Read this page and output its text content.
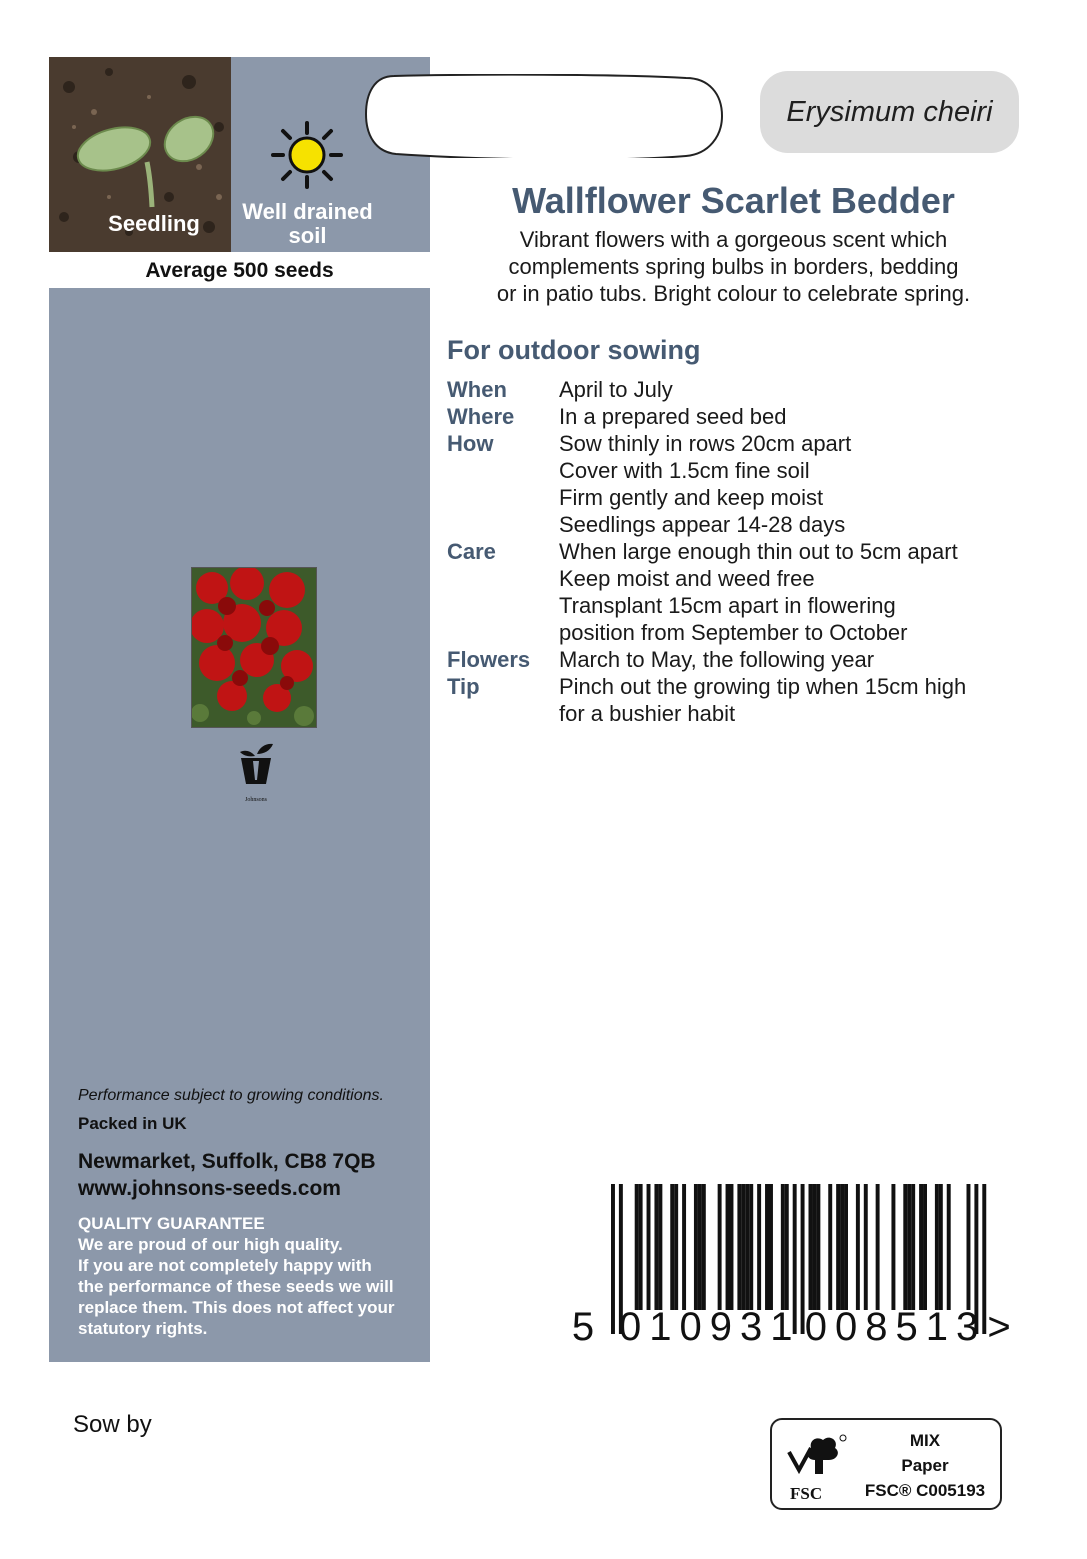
Seedling	Well drained
soil
Average 500 seeds
Johnsons
Performance subject to growing conditions.
Packed in UK
Newmarket, Suffolk, CB8 7QB
www.johnsons-seeds.com
QUALITY GUARANTEE
We are proud of our high quality.
If you are not completely happy with
the performance of these seeds we will
replace them. This does not affect your
statutory rights.
Erysimum cheiri
Wallflower Scarlet Bedder
Vibrant flowers with a gorgeous scent which
complements spring bulbs in borders, bedding
or in patio tubs. Bright colour to celebrate spring.
For outdoor sowing
When	April to July
Where	In a prepared seed bed
How	Sow thinly in rows 20cm apart
Cover with 1.5cm fine soil
Firm gently and keep moist
Seedlings appear 14-28 days
Care	When large enough thin out to 5cm apart
Keep moist and weed free
Transplant 15cm apart in flowering
position from September to October
Flowers	March to May, the following year
Tip	Pinch out the growing tip when 15cm high
for a bushier habit
5 0 1 0 9 3 1 0 0 8 5 1 3 >
Sow by
FSC
MIX
Paper
FSC® C005193
